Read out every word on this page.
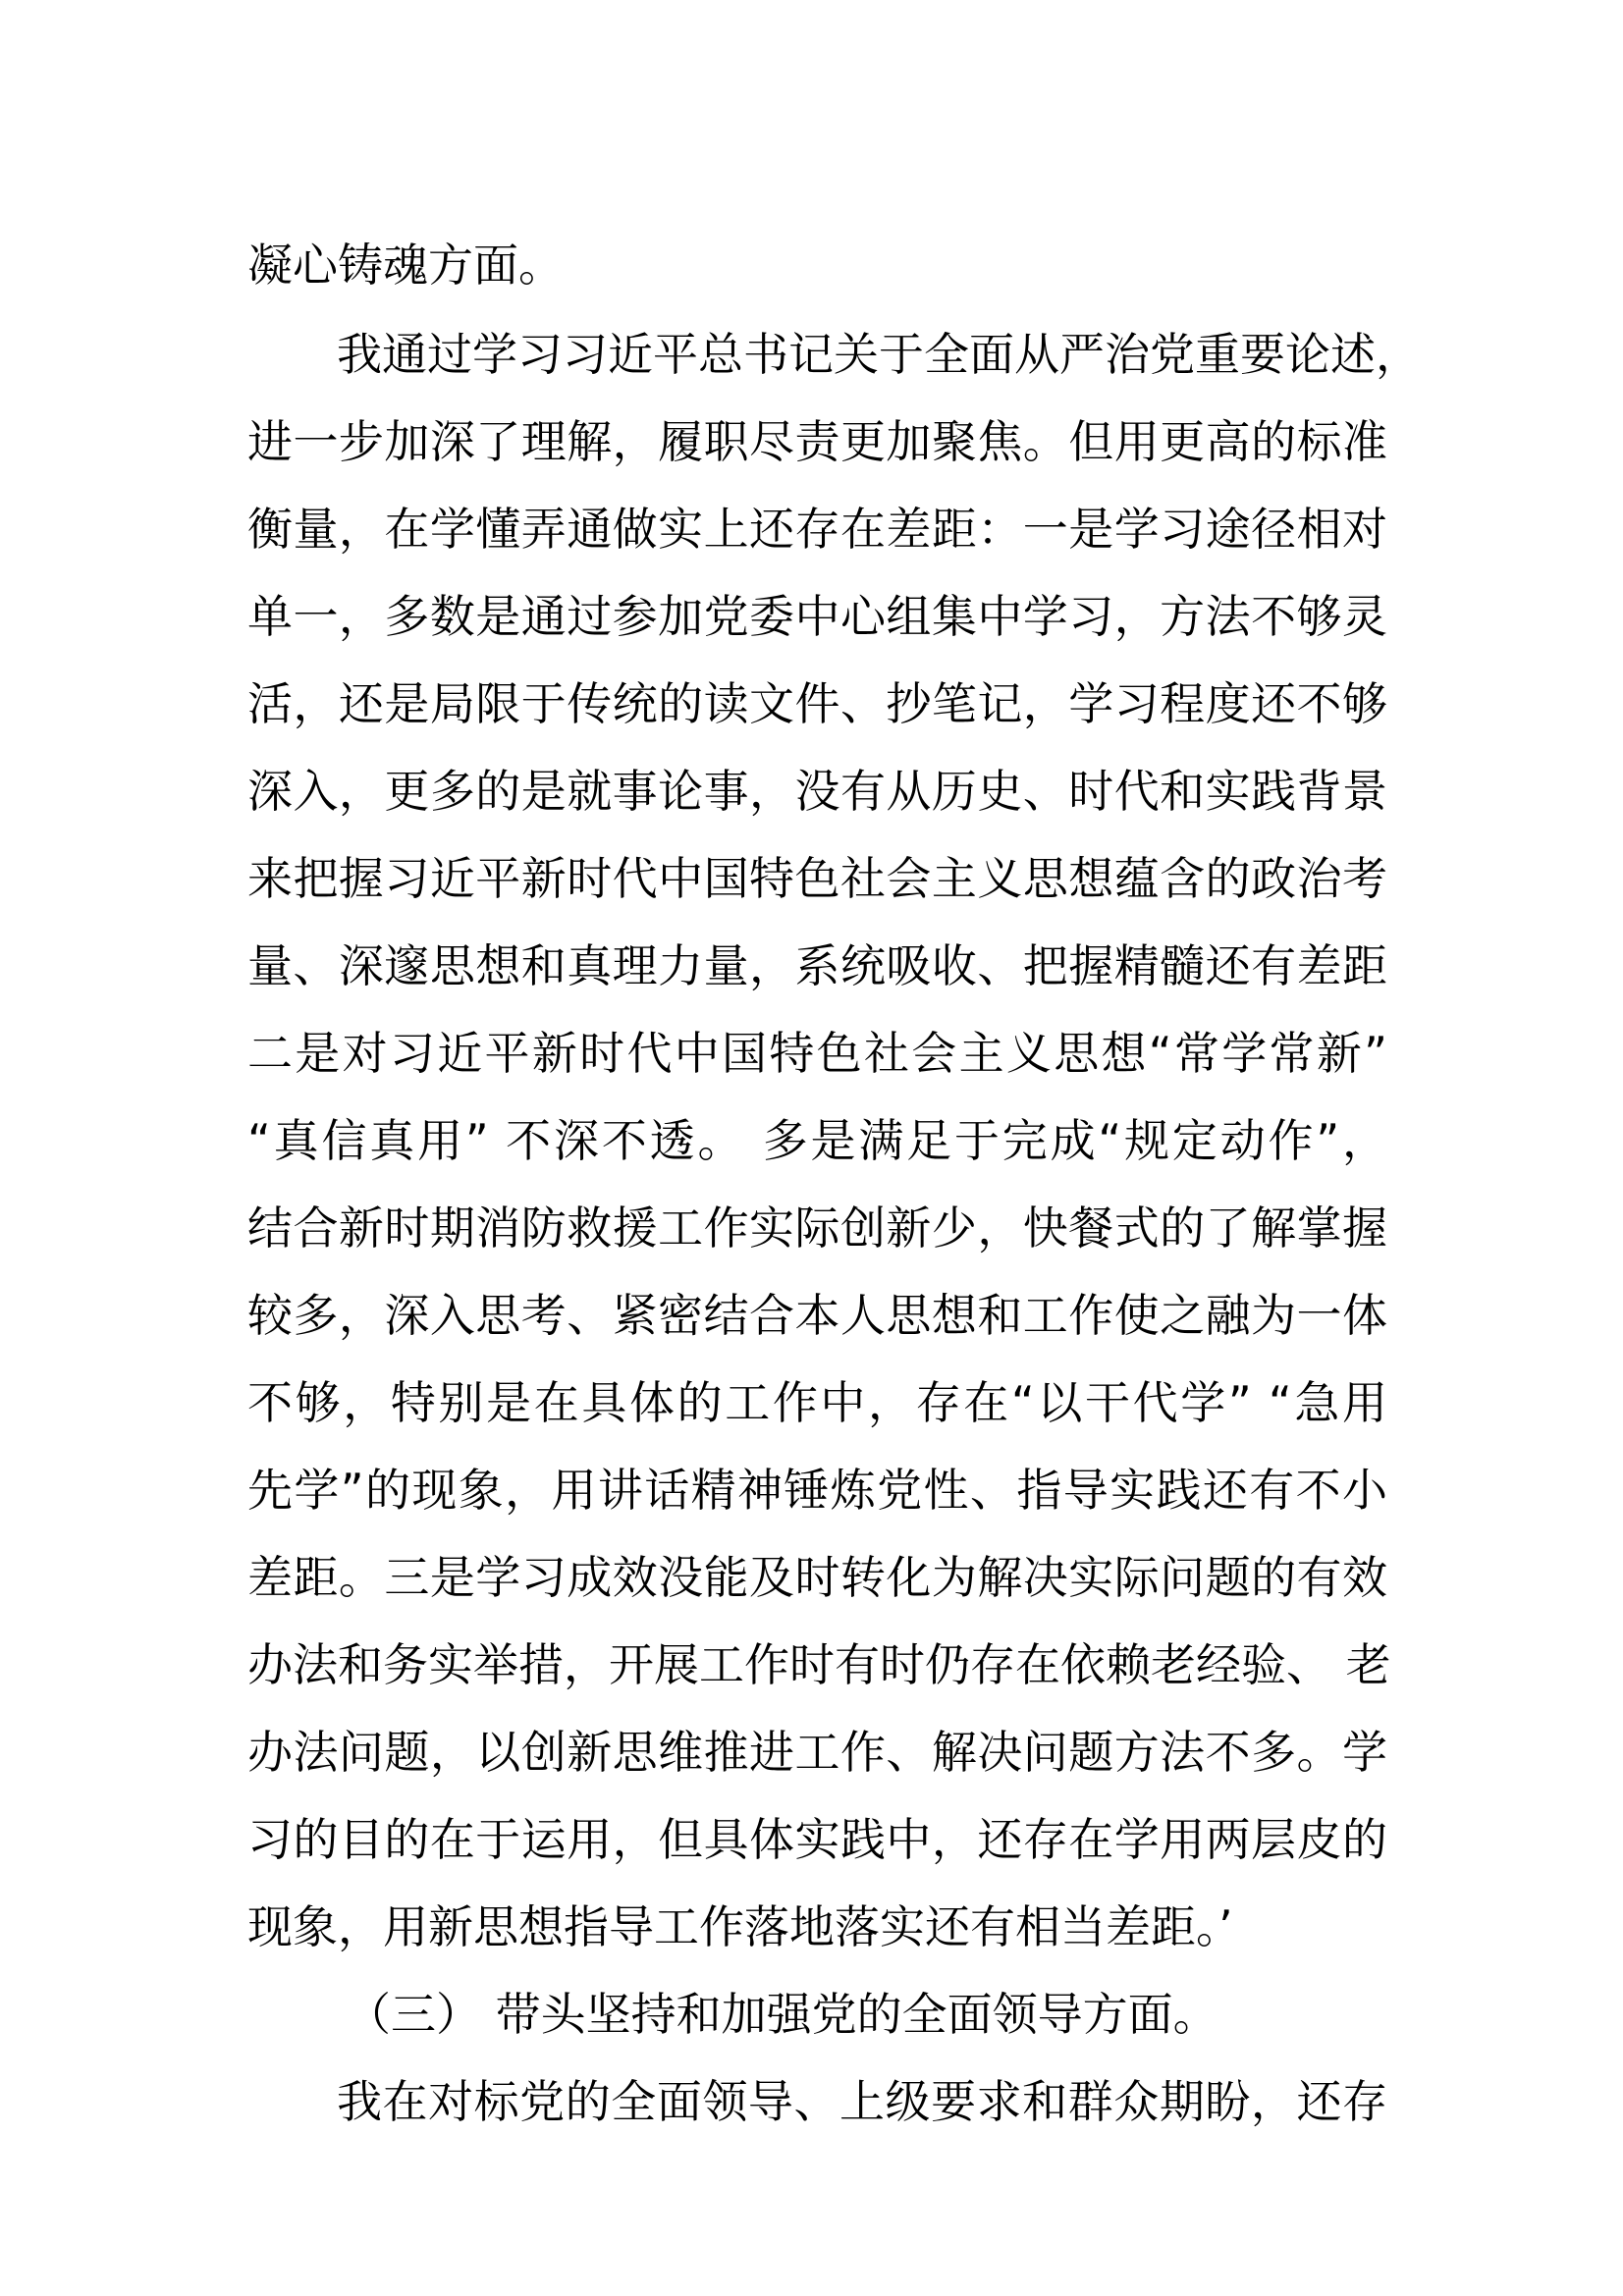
凝心铸魂方面。
我通过学习习近平总书记关于全面从严治党重要论述，
进一步加深了理解，履职尽责更加聚焦。但用更高的标准
衡量，在学懂弄通做实上还存在差距：一是学习途径相对
单一，多数是通过参加党委中心组集中学习，方法不够灵
活，还是局限于传统的读文件、抄笔记，学习程度还不够
深入，更多的是就事论事，没有从历史、时代和实践背景
来把握习近平新时代中国特色社会主义思想蕴含的政治考
量、深邃思想和真理力量，系统吸收、把握精髓还有差距
二是对习近平新时代中国特色社会主义思想“常学常新”
“真信真用” 不深不透。 多是满足于完成“规定动作”，
结合新时期消防救援工作实际创新少，快餐式的了解掌握
较多，深入思考、紧密结合本人思想和工作使之融为一体
不够，特别是在具体的工作中，存在“以干代学” “急用
先学”的现象，用讲话精神锤炼党性、指导实践还有不小
差距。三是学习成效没能及时转化为解决实际问题的有效
办法和务实举措，开展工作时有时仍存在依赖老经验、 老
办法问题，以创新思维推进工作、解决问题方法不多。学
习的目的在于运用，但具体实践中，还存在学用两层皮的
现象，用新思想指导工作落地落实还有相当差距。’
（三） 带头坚持和加强党的全面领导方面。
我在对标党的全面领导、上级要求和群众期盼，还存
